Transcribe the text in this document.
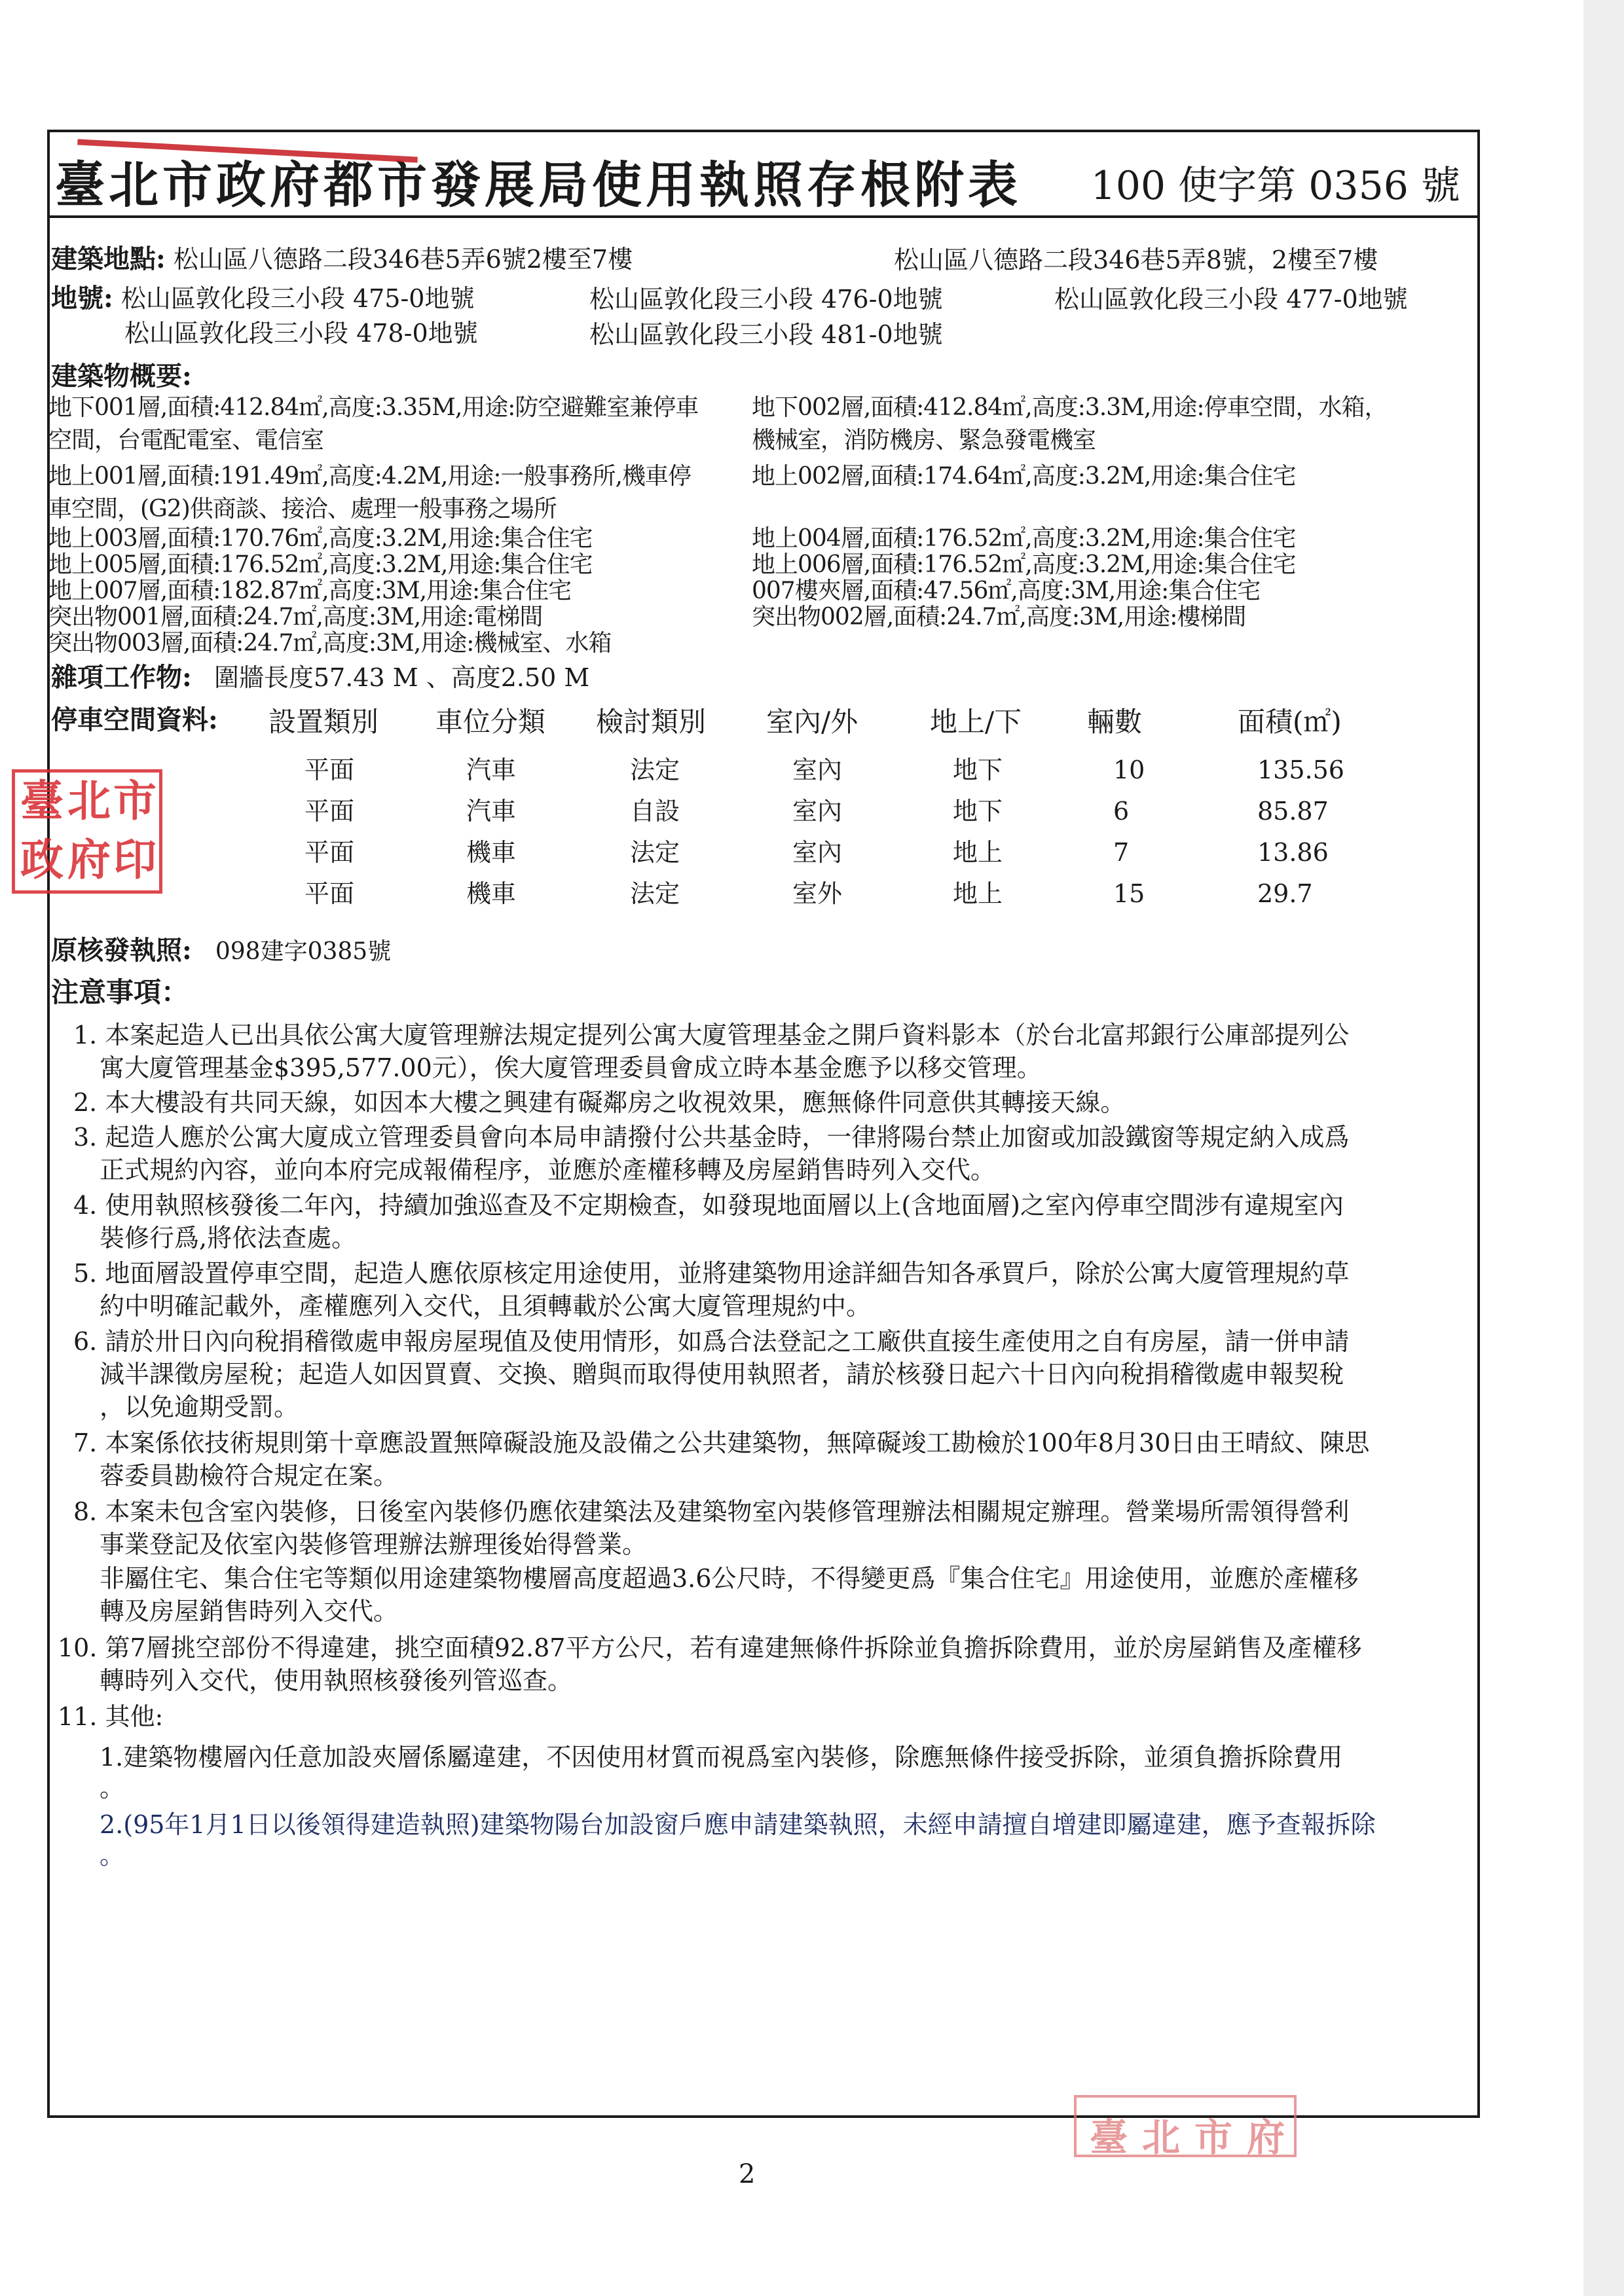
臺北市政府都市發展局使用執照存根附表 100 使字第 0356 號
建築地點: 松山區八德路二段346巷5弄6號2樓至7樓	松山區八德路二段346巷5弄8號，2樓至7樓
地號: 松山區敦化段三小段 475-0地號	松山區敦化段三小段 476-0地號	松山區敦化段三小段 477-0地號
松山區敦化段三小段 478-0地號	松山區敦化段三小段 481-0地號
建築物概要:
地下001層,面積:412.84㎡,高度:3.35M,用途:防空避難室兼停車
空間，台電配電室、電信室
地下002層,面積:412.84㎡,高度:3.3M,用途:停車空間，水箱，
機械室，消防機房、緊急發電機室
地上001層,面積:191.49㎡,高度:4.2M,用途:一般事務所,機車停
車空間，(G2)供商談、接洽、處理一般事務之場所
地上002層,面積:174.64㎡,高度:3.2M,用途:集合住宅
地上003層,面積:170.76㎡,高度:3.2M,用途:集合住宅	地上004層,面積:176.52㎡,高度:3.2M,用途:集合住宅
地上005層,面積:176.52㎡,高度:3.2M,用途:集合住宅	地上006層,面積:176.52㎡,高度:3.2M,用途:集合住宅
地上007層,面積:182.87㎡,高度:3M,用途:集合住宅	007樓夾層,面積:47.56㎡,高度:3M,用途:集合住宅
突出物001層,面積:24.7㎡,高度:3M,用途:電梯間	突出物002層,面積:24.7㎡,高度:3M,用途:樓梯間
突出物003層,面積:24.7㎡,高度:3M,用途:機械室、水箱
雜項工作物: 圍牆長度57.43 M 、高度2.50 M
停車空間資料: 設置類別 車位分類 檢討類別 室內/外	地上/下 輛數	面積(㎡)
平面	汽車	法定	室內	地下	10	135.56
平面	汽車	自設	室內	地下	6	85.87
平面	機車	法定	室內	地上	7	13.86
平面	機車	法定	室外	地上	15	29.7
臺 北 市
政 府 印
原核發執照: 098建字0385號
注意事項：
1. 本案起造人已出具依公寓大廈管理辦法規定提列公寓大廈管理基金之開戶資料影本（於台北富邦銀行公庫部提列公
寓大廈管理基金$395,577.00元），俟大廈管理委員會成立時本基金應予以移交管理。
2. 本大樓設有共同天線，如因本大樓之興建有礙鄰房之收視效果，應無條件同意供其轉接天線。
3. 起造人應於公寓大廈成立管理委員會向本局申請撥付公共基金時，一律將陽台禁止加窗或加設鐵窗等規定納入成爲
正式規約內容，並向本府完成報備程序，並應於產權移轉及房屋銷售時列入交代。
4. 使用執照核發後二年內，持續加強巡查及不定期檢查，如發現地面層以上(含地面層)之室內停車空間涉有違規室內
裝修行爲,將依法查處。
5. 地面層設置停車空間，起造人應依原核定用途使用，並將建築物用途詳細告知各承買戶，除於公寓大廈管理規約草
約中明確記載外，產權應列入交代，且須轉載於公寓大廈管理規約中。
6. 請於卅日內向稅捐稽徵處申報房屋現值及使用情形，如爲合法登記之工廠供直接生產使用之自有房屋，請一併申請
減半課徵房屋稅；起造人如因買賣、交換、贈與而取得使用執照者，請於核發日起六十日內向稅捐稽徵處申報契稅
，以免逾期受罰。
7. 本案係依技術規則第十章應設置無障礙設施及設備之公共建築物，無障礙竣工勘檢於100年8月30日由王晴紋、陳思
蓉委員勘檢符合規定在案。
8. 本案未包含室內裝修，日後室內裝修仍應依建築法及建築物室內裝修管理辦法相關規定辦理。營業場所需領得營利
事業登記及依室內裝修管理辦法辦理後始得營業。
非屬住宅、集合住宅等類似用途建築物樓層高度超過3.6公尺時，不得變更爲『集合住宅』用途使用，並應於產權移
轉及房屋銷售時列入交代。
10. 第7層挑空部份不得違建，挑空面積92.87平方公尺，若有違建無條件拆除並負擔拆除費用，並於房屋銷售及產權移
轉時列入交代，使用執照核發後列管巡查。
11. 其他:
1.建築物樓層內任意加設夾層係屬違建，不因使用材質而視爲室內裝修，除應無條件接受拆除，並須負擔拆除費用
。
2.(95年1月1日以後領得建造執照)建築物陽台加設窗戶應申請建築執照，未經申請擅自增建即屬違建，應予查報拆除
。
臺 北 市 府
2
